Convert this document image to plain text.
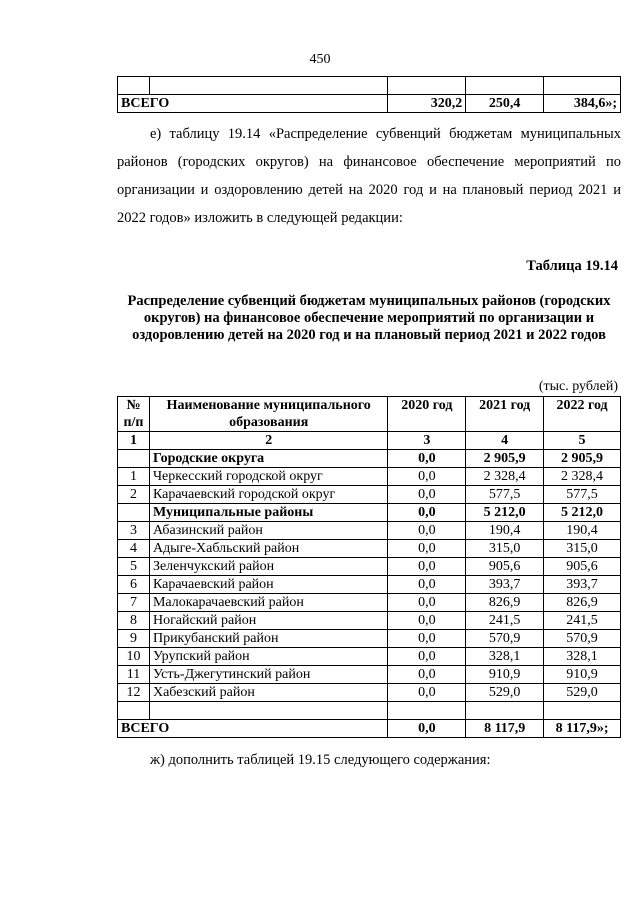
450

ВСЕГО		320,2	250,4	384,6»;
е) таблицу 19.14 «Распределение субвенций бюджетам муниципальных районов (городских округов) на финансовое обеспечение мероприятий по организации и оздоровлению детей на 2020 год и на плановый период 2021 и 2022 годов» изложить в следующей редакции:
Таблица 19.14
Распределение субвенций бюджетам муниципальных районов (городских округов) на финансовое обеспечение мероприятий по организации и оздоровлению детей на 2020 год и на плановый период 2021 и 2022 годов
(тыс. рублей)
№ п/п	Наименование муниципального образования	2020 год	2021 год	2022 год
1	2	3	4	5
	Городские округа	0,0	2 905,9	2 905,9
1	Черкесский городской округ	0,0	2 328,4	2 328,4
2	Карачаевский городской округ	0,0	577,5	577,5
	Муниципальные районы	0,0	5 212,0	5 212,0
3	Абазинский район	0,0	190,4	190,4
4	Адыге-Хабльский район	0,0	315,0	315,0
5	Зеленчукский район	0,0	905,6	905,6
6	Карачаевский район	0,0	393,7	393,7
7	Малокарачаевский район	0,0	826,9	826,9
8	Ногайский район	0,0	241,5	241,5
9	Прикубанский район	0,0	570,9	570,9
10	Урупский район	0,0	328,1	328,1
11	Усть-Джегутинский район	0,0	910,9	910,9
12	Хабезский район	0,0	529,0	529,0

ВСЕГО		0,0	8 117,9	8 117,9»;
ж) дополнить таблицей 19.15 следующего содержания:
